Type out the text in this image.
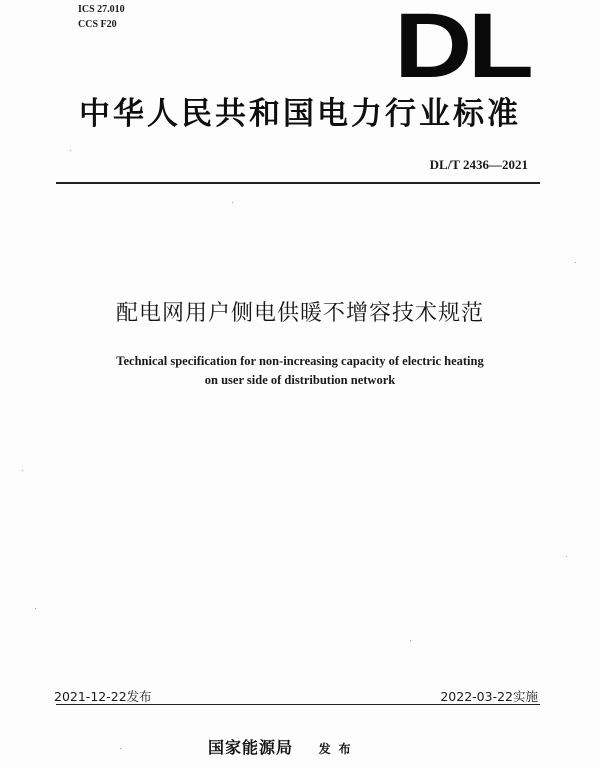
ICS 27.010
CCS F20	DL
中华人民共和国电力行业标准
DL/T 2436—2021
配电网用户侧电供暖不增容技术规范
Technical specification for non-increasing capacity of electric heating
on user side of distribution network
2021-12-22发布	2022-03-22实施
国家能源局 发布
